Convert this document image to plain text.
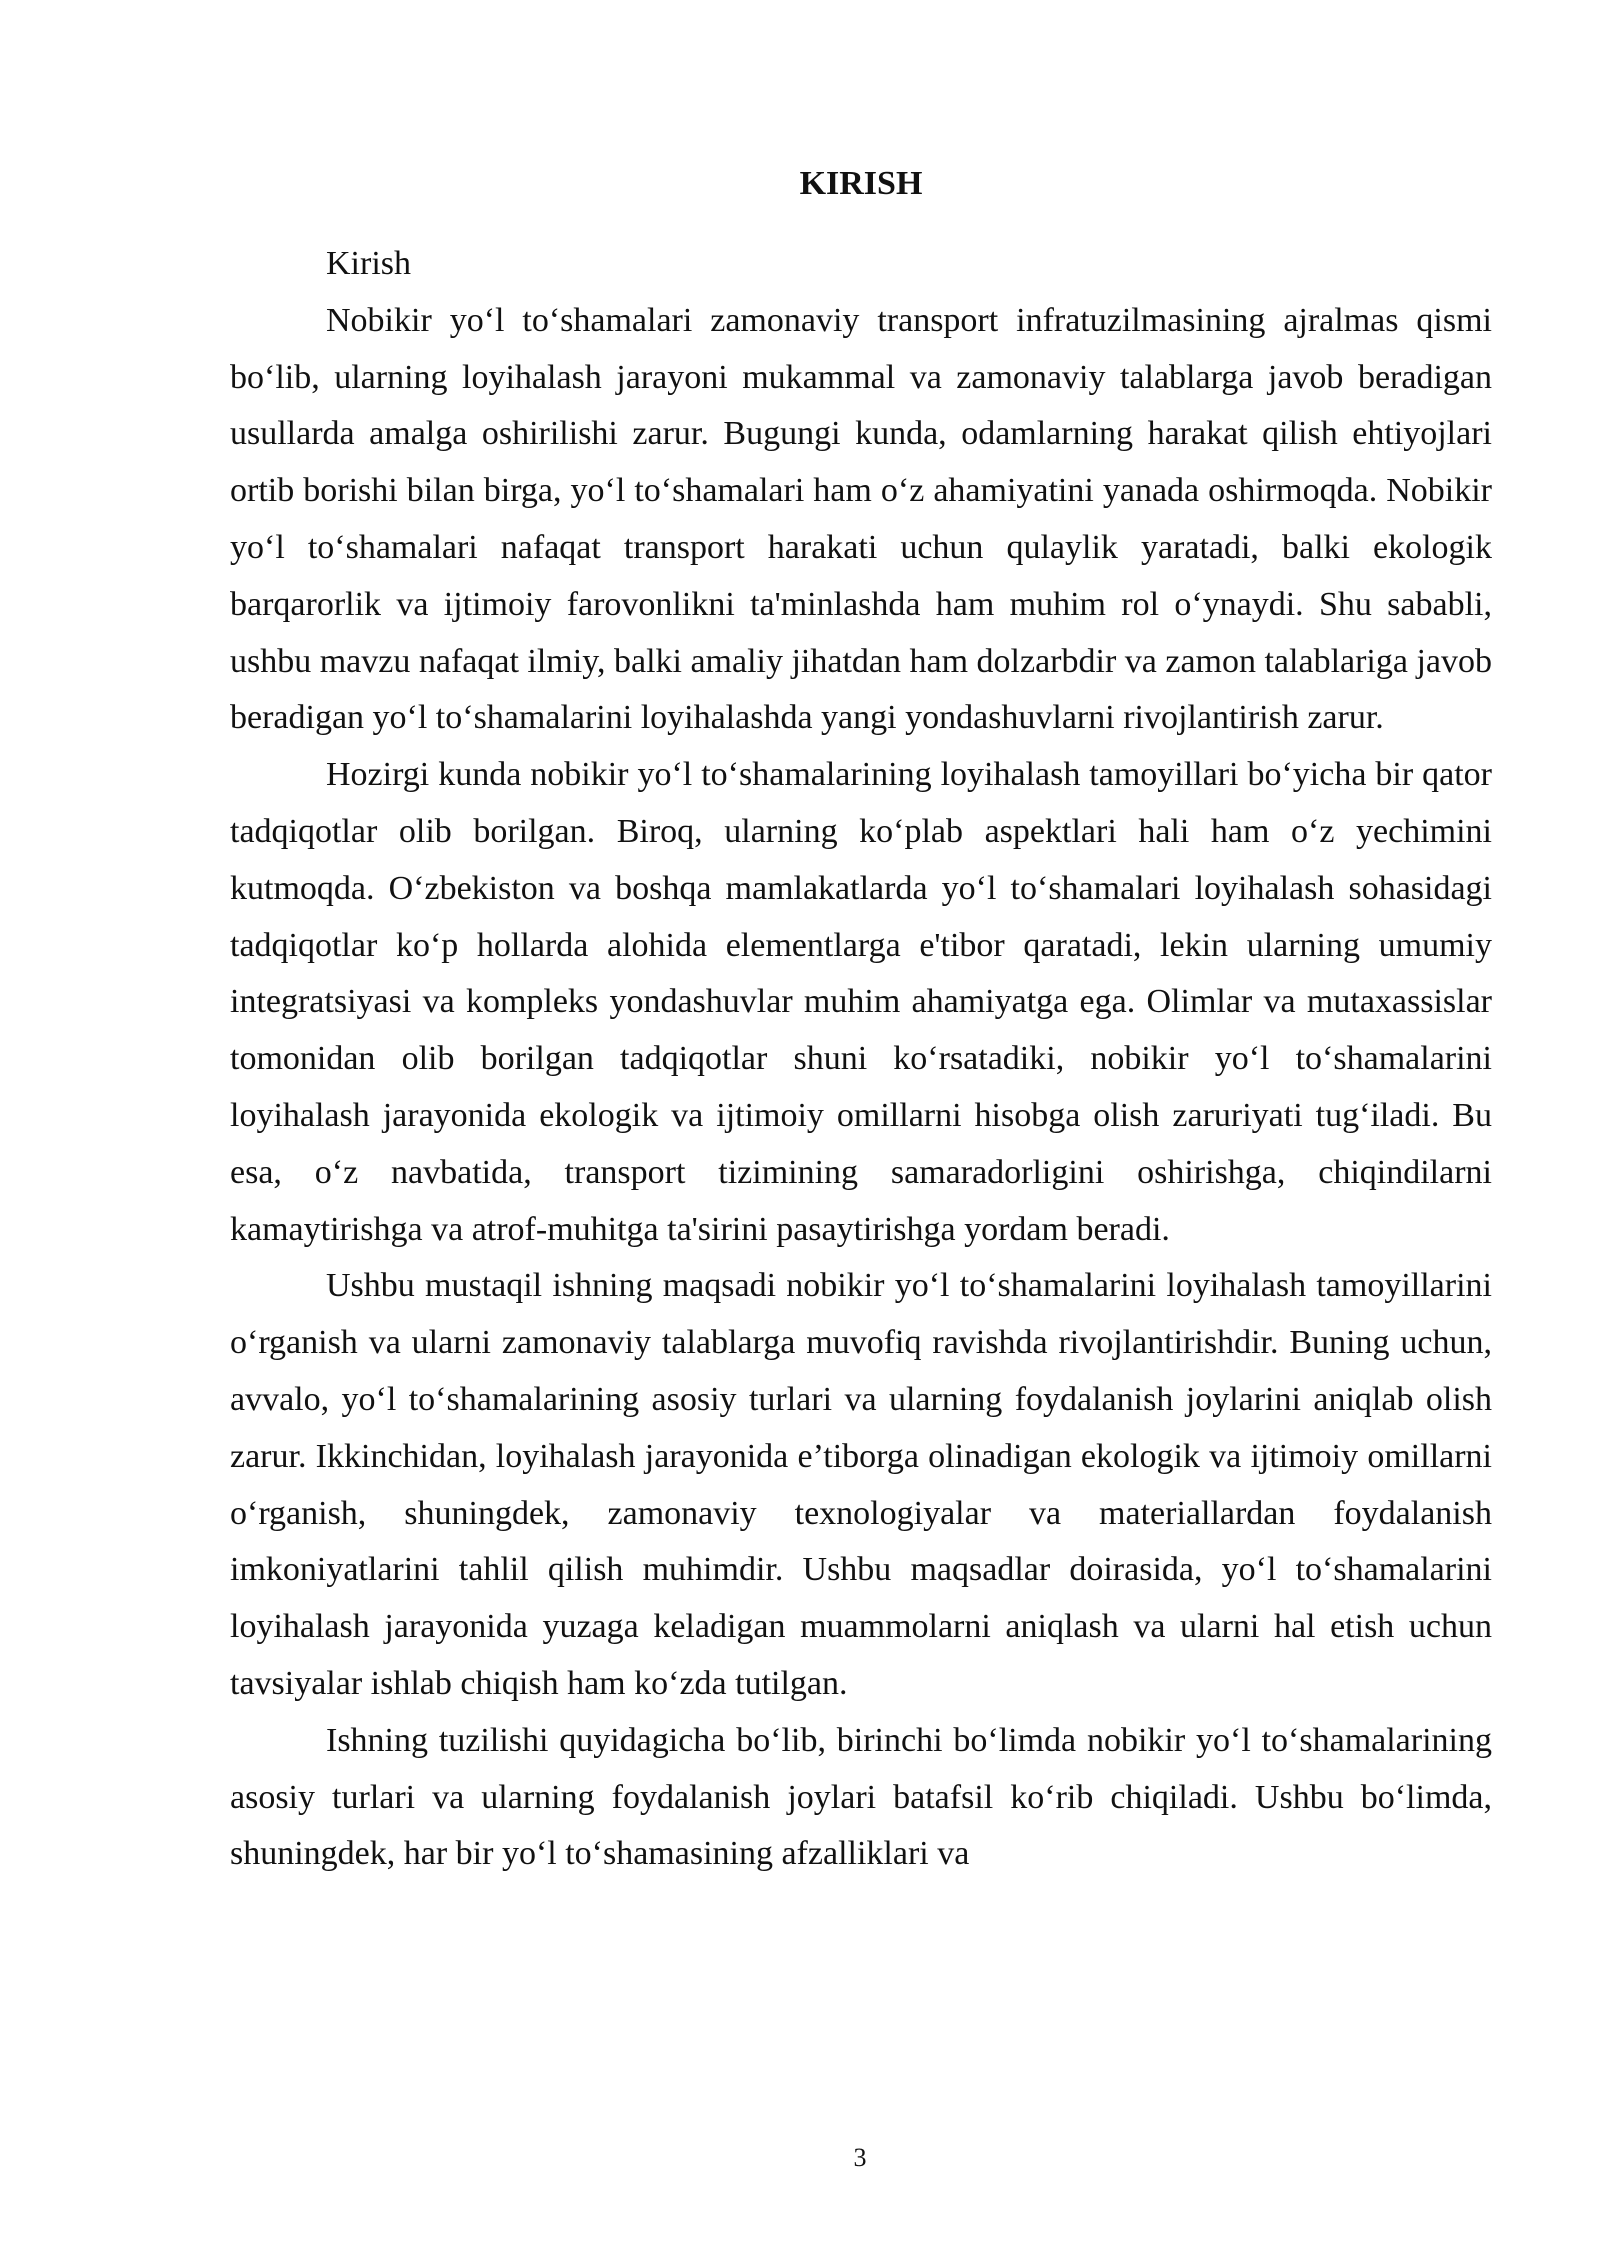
KIRISH

Kirish

Nobikir yo‘l to‘shamalari zamonaviy transport infratuzilmasining ajralmas qismi bo‘lib, ularning loyihalash jarayoni mukammal va zamonaviy talablarga javob beradigan usullarda amalga oshirilishi zarur. Bugungi kunda, odamlarning harakat qilish ehtiyojlari ortib borishi bilan birga, yo‘l to‘shamalari ham o‘z ahamiyatini yanada oshirmoqda. Nobikir yo‘l to‘shamalari nafaqat transport harakati uchun qulaylik yaratadi, balki ekologik barqarorlik va ijtimoiy farovonlikni ta'minlashda ham muhim rol o‘ynaydi. Shu sababli, ushbu mavzu nafaqat ilmiy, balki amaliy jihatdan ham dolzarbdir va zamon talablariga javob beradigan yo‘l to‘shamalarini loyihalashda yangi yondashuvlarni rivojlantirish zarur.

Hozirgi kunda nobikir yo‘l to‘shamalarining loyihalash tamoyillari bo‘yicha bir qator tadqiqotlar olib borilgan. Biroq, ularning ko‘plab aspektlari hali ham o‘z yechimini kutmoqda. O‘zbekiston va boshqa mamlakatlarda yo‘l to‘shamalari loyihalash sohasidagi tadqiqotlar ko‘p hollarda alohida elementlarga e'tibor qaratadi, lekin ularning umumiy integratsiyasi va kompleks yondashuvlar muhim ahamiyatga ega. Olimlar va mutaxassislar tomonidan olib borilgan tadqiqotlar shuni ko‘rsatadiki, nobikir yo‘l to‘shamalarini loyihalash jarayonida ekologik va ijtimoiy omillarni hisobga olish zaruriyati tug‘iladi. Bu esa, o‘z navbatida, transport tizimining samaradorligini oshirishga, chiqindilarni kamaytirishga va atrof-muhitga ta'sirini pasaytirishga yordam beradi.

Ushbu mustaqil ishning maqsadi nobikir yo‘l to‘shamalarini loyihalash tamoyillarini o‘rganish va ularni zamonaviy talablarga muvofiq ravishda rivojlantirishdir. Buning uchun, avvalo, yo‘l to‘shamalarining asosiy turlari va ularning foydalanish joylarini aniqlab olish zarur. Ikkinchidan, loyihalash jarayonida e’tiborga olinadigan ekologik va ijtimoiy omillarni o‘rganish, shuningdek, zamonaviy texnologiyalar va materiallardan foydalanish imkoniyatlarini tahlil qilish muhimdir. Ushbu maqsadlar doirasida, yo‘l to‘shamalarini loyihalash jarayonida yuzaga keladigan muammolarni aniqlash va ularni hal etish uchun tavsiyalar ishlab chiqish ham ko‘zda tutilgan.

Ishning tuzilishi quyidagicha bo‘lib, birinchi bo‘limda nobikir yo‘l to‘shamalarining asosiy turlari va ularning foydalanish joylari batafsil ko‘rib chiqiladi. Ushbu bo‘limda, shuningdek, har bir yo‘l to‘shamasining afzalliklari va

3
